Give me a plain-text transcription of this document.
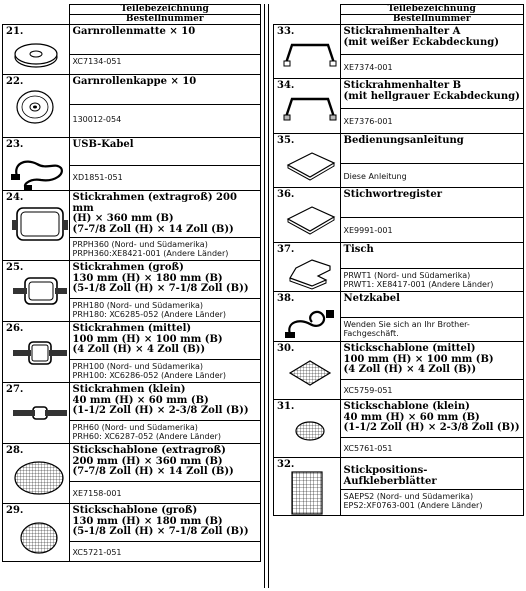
	Teilebezeichnung
	Bestellnummer

21.	Garnrollenmatte × 10

	XC7134-051

22.	Garnrollenkappe × 10

	130012-054

23.	USB-Kabel

	XD1851-051

24.	Stickrahmen (extragroß) 200 mm
(H) × 360 mm (B)
(7-7/8 Zoll (H) × 14 Zoll (B))

	PRPH360 (Nord- und Südamerika)
PRPH360:XE8421-001 (Andere Länder)

25.	Stickrahmen (groß)
130 mm (H) × 180 mm (B)
(5-1/8 Zoll (H) × 7-1/8 Zoll (B))

	PRH180 (Nord- und Südamerika)
PRH180: XC6285-052 (Andere Länder)

26.	Stickrahmen (mittel)
100 mm (H) × 100 mm (B)
(4 Zoll (H) × 4 Zoll (B))

	PRH100 (Nord- und Südamerika)
PRH100: XC6286-052 (Andere Länder)

27.	Stickrahmen (klein)
40 mm (H) × 60 mm (B)
(1-1/2 Zoll (H) × 2-3/8 Zoll (B))

	PRH60 (Nord- und Südamerika)
PRH60: XC6287-052 (Andere Länder)

28.	Stickschablone (extragroß)
200 mm (H) × 360 mm (B)
(7-7/8 Zoll (H) × 14 Zoll (B))

	XE7158-001

29.	Stickschablone (groß)
130 mm (H) × 180 mm (B)
(5-1/8 Zoll (H) × 7-1/8 Zoll (B))

	XC5721-051
	Teilebezeichnung
	Bestellnummer

33.	Stickrahmenhalter A
(mit weißer Eckabdeckung)

	XE7374-001

34.	Stickrahmenhalter B
(mit hellgrauer Eckabdeckung)

	XE7376-001

35.	Bedienungsanleitung

	Diese Anleitung

36.	Stichwortregister

	XE9991-001

37.	Tisch

	PRWT1 (Nord- und Südamerika)
PRWT1: XE8417-001 (Andere Länder)

38.	Netzkabel

	Wenden Sie sich an Ihr Brother-
Fachgeschäft.

30.	Stickschablone (mittel)
100 mm (H) × 100 mm (B)
(4 Zoll (H) × 4 Zoll (B))

	XC5759-051

31.	Stickschablone (klein)
40 mm (H) × 60 mm (B)
(1-1/2 Zoll (H) × 2-3/8 Zoll (B))

	XC5761-051

32.	Stickpositions-Aufkleberblätter

	SAEPS2 (Nord- und Südamerika)
EPS2:XF0763-001 (Andere Länder)
